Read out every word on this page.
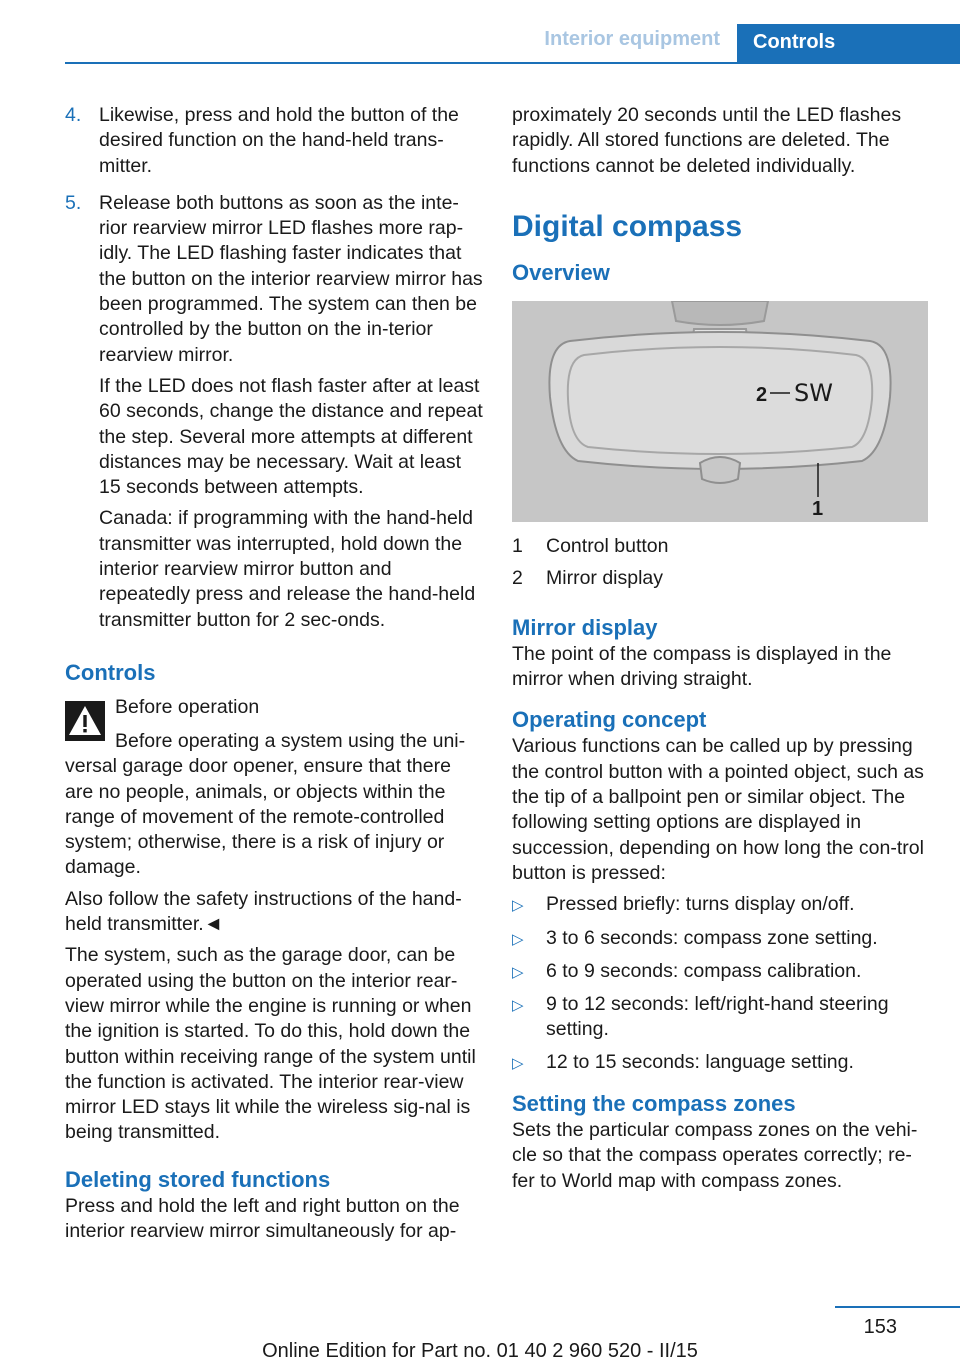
Interior equipment	Controls
4. Likewise, press and hold the button of the desired function on the hand-held trans-mitter.

5. Release both buttons as soon as the inte-rior rearview mirror LED flashes more rap-idly. The LED flashing faster indicates that the button on the interior rearview mirror has been programmed. The system can then be controlled by the button on the in-terior rearview mirror.

If the LED does not flash faster after at least 60 seconds, change the distance and repeat the step. Several more attempts at different distances may be necessary. Wait at least 15 seconds between attempts.

Canada: if programming with the hand-held transmitter was interrupted, hold down the interior rearview mirror button and repeatedly press and release the hand-held transmitter button for 2 sec-onds.

Controls

Before operation

Before operating a system using the uni-versal garage door opener, ensure that there are no people, animals, or objects within the range of movement of the remote-controlled system; otherwise, there is a risk of injury or damage.

Also follow the safety instructions of the hand-held transmitter.◄

The system, such as the garage door, can be operated using the button on the interior rear-view mirror while the engine is running or when the ignition is started. To do this, hold down the button within receiving range of the system until the function is activated. The interior rear-view mirror LED stays lit while the wireless sig-nal is being transmitted.

Deleting stored functions

Press and hold the left and right button on the interior rearview mirror simultaneously for ap-

proximately 20 seconds until the LED flashes rapidly. All stored functions are deleted. The functions cannot be deleted individually.

Digital compass
Overview
SW
2
1
1	Control button
2	Mirror display
Mirror display

The point of the compass is displayed in the mirror when driving straight.

Operating concept

Various functions can be called up by pressing the control button with a pointed object, such as the tip of a ballpoint pen or similar object. The following setting options are displayed in succession, depending on how long the con-trol button is pressed:

▷	Pressed briefly: turns display on/off.
▷	3 to 6 seconds: compass zone setting.
▷	6 to 9 seconds: compass calibration.
▷	9 to 12 seconds: left/right-hand steering setting.
▷	12 to 15 seconds: language setting.
Setting the compass zones

Sets the particular compass zones on the vehi-cle so that the compass operates correctly; re-fer to World map with compass zones.

153
Online Edition for Part no. 01 40 2 960 520 - II/15
